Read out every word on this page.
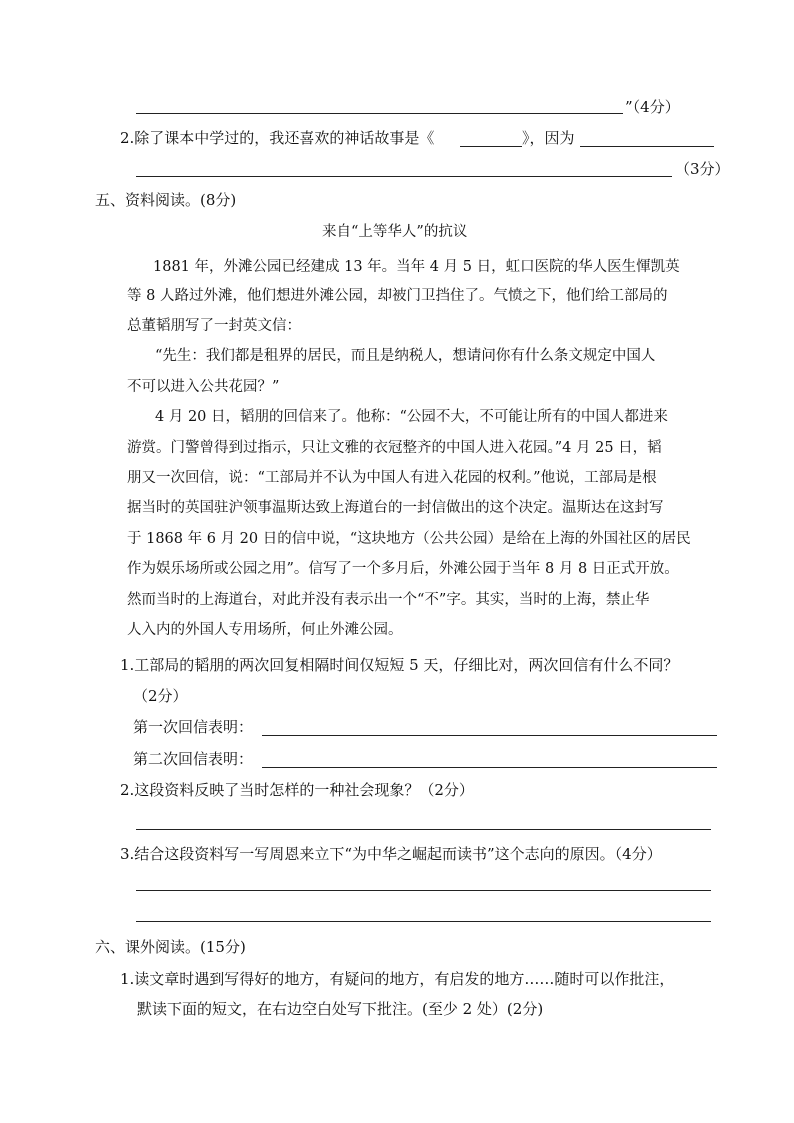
”（4分）
2.除了课本中学过的，我还喜欢的神话故事是《	》，因为
（3分）
五、资料阅读。(8分)
来自“上等华人”的抗议
1881 年，外滩公园已经建成 13 年。当年 4 月 5 日，虹口医院的华人医生惲凯英
等 8 人路过外滩，他们想进外滩公园，却被门卫挡住了。气愤之下，他们给工部局的
总董韬朋写了一封英文信：
“先生：我们都是租界的居民，而且是纳税人，想请问你有什么条文规定中国人
不可以进入公共花园？”
4 月 20 日，韬朋的回信来了。他称：“公园不大，不可能让所有的中国人都进来
游赏。门警曾得到过指示，只让文雅的衣冠整齐的中国人进入花园。”4 月 25 日，韬
朋又一次回信，说：“工部局并不认为中国人有进入花园的权利。”他说，工部局是根
据当时的英国驻沪领事温斯达致上海道台的一封信做出的这个决定。温斯达在这封写
于 1868 年 6 月 20 日的信中说，“这块地方（公共公园）是给在上海的外国社区的居民
作为娱乐场所或公园之用”。信写了一个多月后，外滩公园于当年 8 月 8 日正式开放。
然而当时的上海道台，对此并没有表示出一个“不”字。其实，当时的上海，禁止华
人入内的外国人专用场所，何止外滩公园。
1.工部局的韬朋的两次回复相隔时间仅短短 5 天，仔细比对，两次回信有什么不同？
（2分）
第一次回信表明：
第二次回信表明：
2.这段资料反映了当时怎样的一种社会现象？（2分）
3.结合这段资料写一写周恩来立下“为中华之崛起而读书”这个志向的原因。（4分）
六、课外阅读。(15分)
1.读文章时遇到写得好的地方，有疑问的地方，有启发的地方……随时可以作批注，
默读下面的短文，在右边空白处写下批注。(至少 2 处）(2分)
